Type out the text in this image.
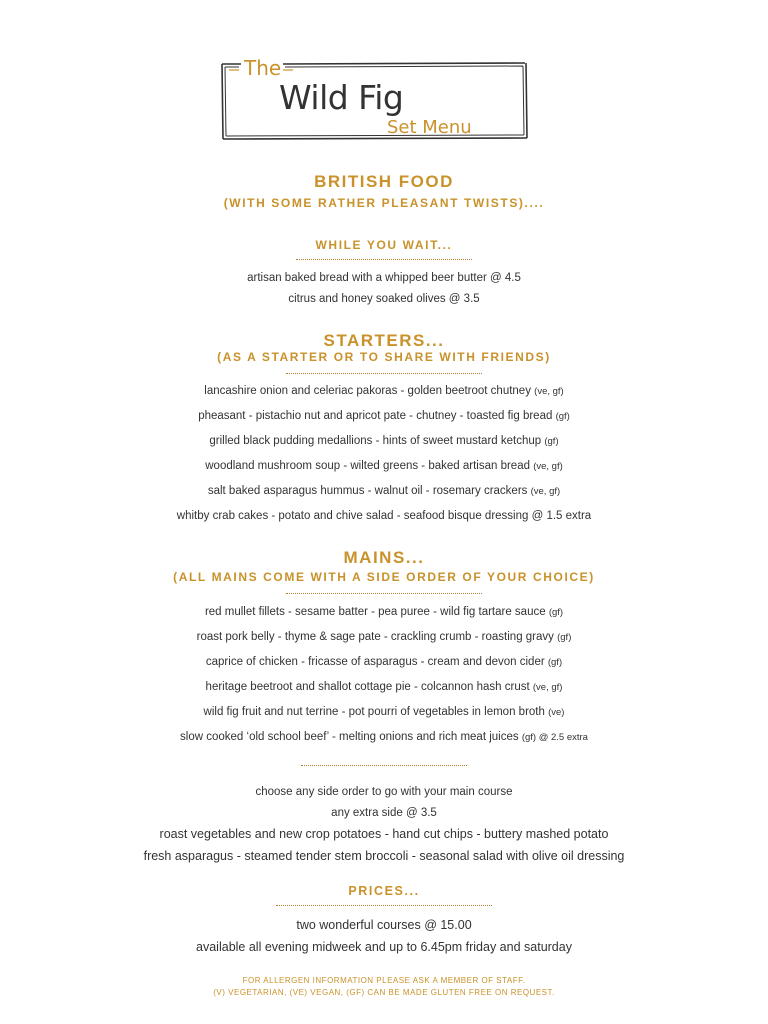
The
Wild Fig
Set Menu
BRITISH FOOD
(WITH SOME RATHER PLEASANT TWISTS)....
WHILE YOU WAIT...
artisan baked bread with a whipped beer butter @ 4.5
citrus and honey soaked olives @ 3.5
STARTERS...
(AS A STARTER OR TO SHARE WITH FRIENDS)
lancashire onion and celeriac pakoras - golden beetroot chutney (ve, gf)
pheasant - pistachio nut and apricot pate - chutney - toasted fig bread (gf)
grilled black pudding medallions - hints of sweet mustard ketchup (gf)
woodland mushroom soup - wilted greens - baked artisan bread (ve, gf)
salt baked asparagus hummus - walnut oil - rosemary crackers (ve, gf)
whitby crab cakes - potato and chive salad - seafood bisque dressing @ 1.5 extra
MAINS...
(ALL MAINS COME WITH A SIDE ORDER OF YOUR CHOICE)
red mullet fillets - sesame batter - pea puree - wild fig tartare sauce (gf)
roast pork belly - thyme & sage pate - crackling crumb - roasting gravy (gf)
caprice of chicken - fricasse of asparagus - cream and devon cider (gf)
heritage beetroot and shallot cottage pie - colcannon hash crust (ve, gf)
wild fig fruit and nut terrine - pot pourri of vegetables in lemon broth (ve)
slow cooked ‘old school beef’ - melting onions and rich meat juices (gf) @ 2.5 extra
choose any side order to go with your main course
any extra side @ 3.5
roast vegetables and new crop potatoes - hand cut chips - buttery mashed potato
fresh asparagus - steamed tender stem broccoli - seasonal salad with olive oil dressing
PRICES...
two wonderful courses @ 15.00
available all evening midweek and up to 6.45pm friday and saturday
FOR ALLERGEN INFORMATION PLEASE ASK A MEMBER OF STAFF.
(V) VEGETARIAN, (VE) VEGAN, (GF) CAN BE MADE GLUTEN FREE ON REQUEST.
